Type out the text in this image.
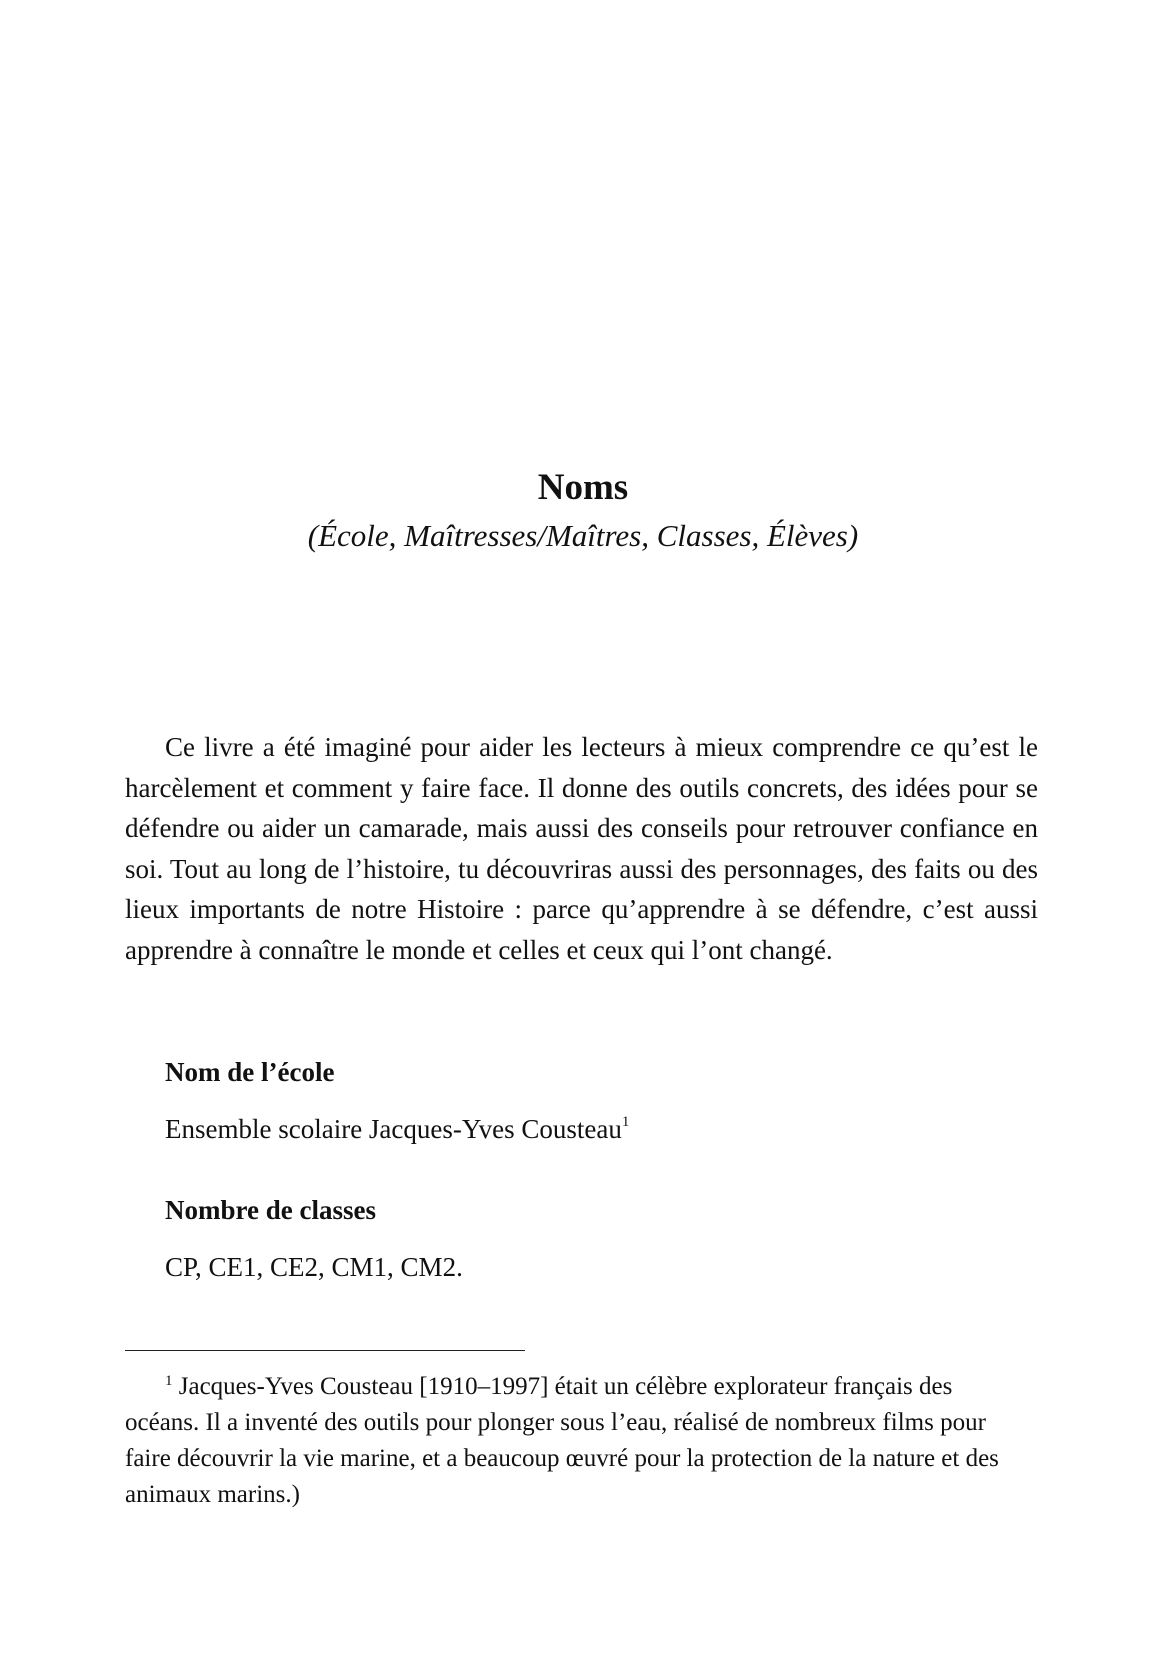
Noms

(École, Maîtresses/Maîtres, Classes, Élèves)

Ce livre a été imaginé pour aider les lecteurs à mieux comprendre ce qu’est le harcèlement et comment y faire face. Il donne des outils concrets, des idées pour se défendre ou aider un camarade, mais aussi des conseils pour retrouver confiance en soi. Tout au long de l’histoire, tu découvriras aussi des personnages, des faits ou des lieux importants de notre Histoire : parce qu’apprendre à se défendre, c’est aussi apprendre à connaître le monde et celles et ceux qui l’ont changé.

Nom de l’école

Ensemble scolaire Jacques-Yves Cousteau$^1$

Nombre de classes

CP, CE1, CE2, CM1, CM2.

$^1$ Jacques-Yves Cousteau [1910–1997] était un célèbre explorateur français des océans. Il a inventé des outils pour plonger sous l’eau, réalisé de nombreux films pour faire découvrir la vie marine, et a beaucoup œuvré pour la protection de la nature et des animaux marins.)
